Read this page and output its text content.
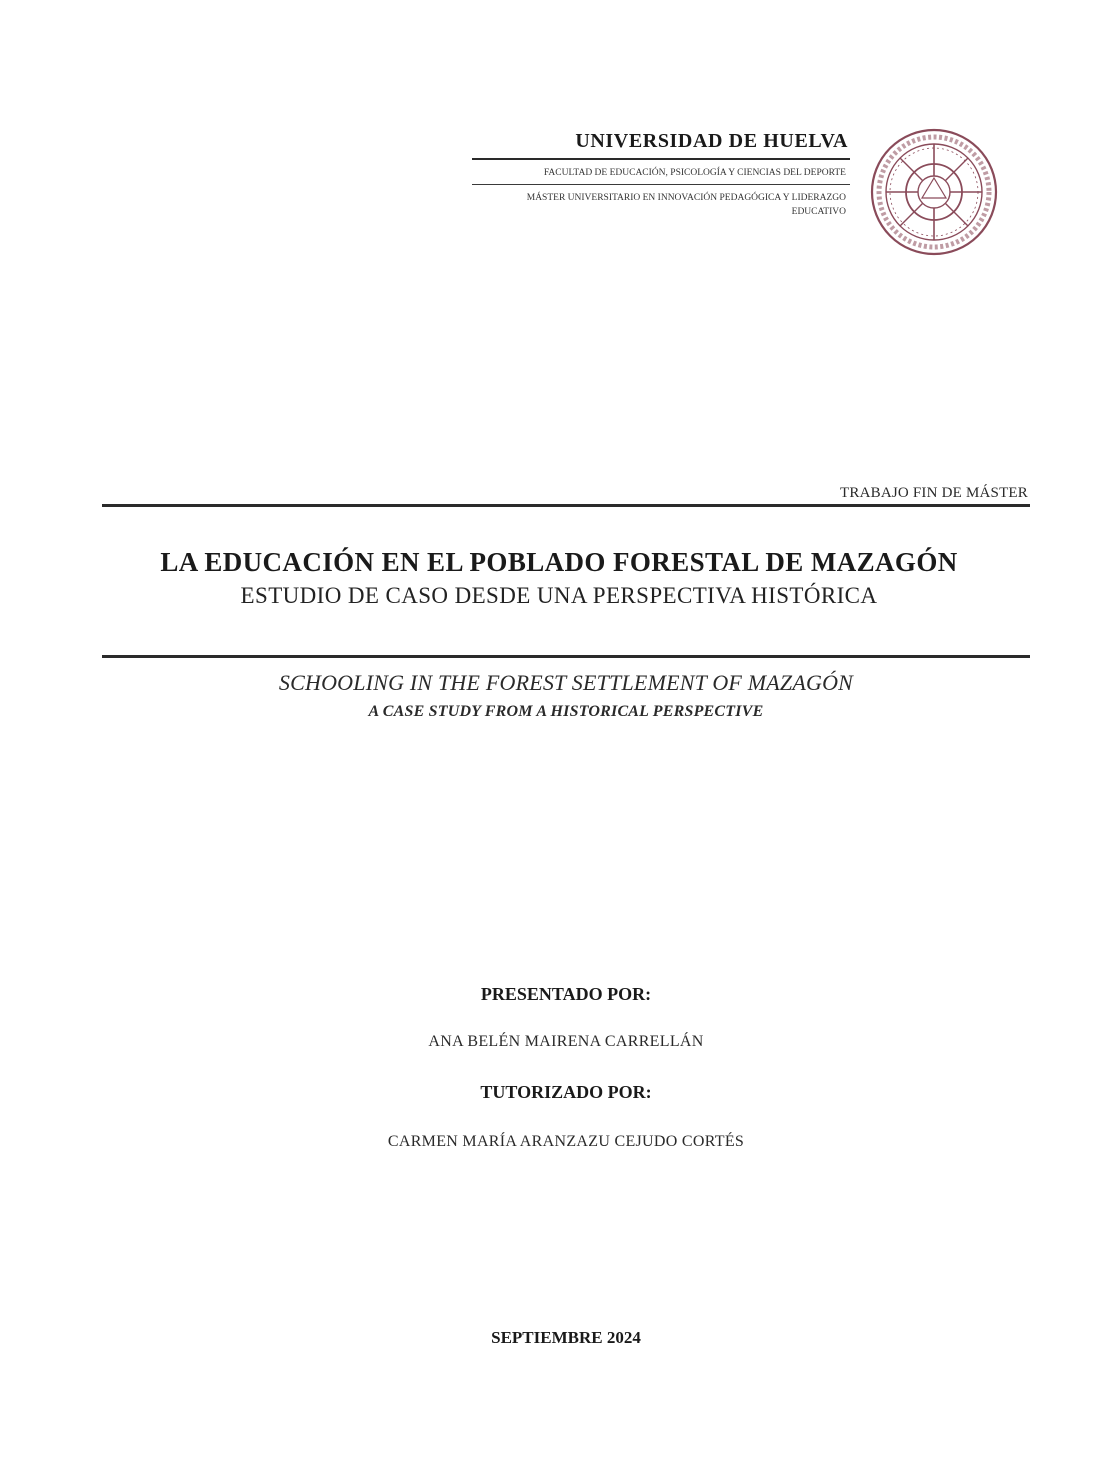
UNIVERSIDAD DE HUELVA

FACULTAD DE EDUCACIÓN, PSICOLOGÍA Y CIENCIAS DEL DEPORTE

MÁSTER UNIVERSITARIO EN INNOVACIÓN PEDAGÓGICA Y LIDERAZGO EDUCATIVO

TRABAJO FIN DE MÁSTER
LA EDUCACIÓN EN EL POBLADO FORESTAL DE MAZAGÓN
ESTUDIO DE CASO DESDE UNA PERSPECTIVA HISTÓRICA
SCHOOLING IN THE FOREST SETTLEMENT OF MAZAGÓN
A CASE STUDY FROM A HISTORICAL PERSPECTIVE
PRESENTADO POR:
ANA BELÉN MAIRENA CARRELLÁN
TUTORIZADO POR:
CARMEN MARÍA ARANZAZU CEJUDO CORTÉS
SEPTIEMBRE 2024
